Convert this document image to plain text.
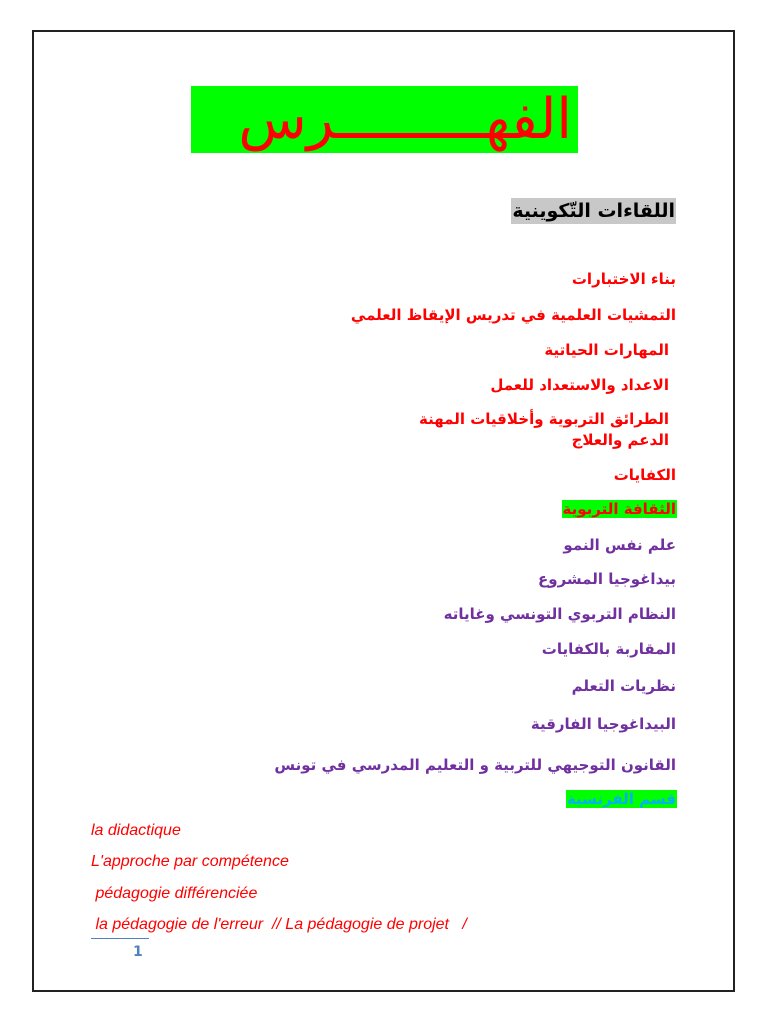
الفهـــــــــرس
اللقاءات التّكوينية
بناء الاختبارات
التمشيات العلمية في تدريس الإيقاظ العلمي
المهارات الحياتية
الاعداد والاستعداد للعمل
الطرائق التربوية وأخلاقيات المهنة
الدعم والعلاج
الكفايات
الثقافة التربوية
علم نفس النمو
بيداغوجيا المشروع
النظام التربوي التونسي وغاياته
المقاربة بالكفايات
نظريات التعلم
البيداغوجيا الفارقية
القانون التوجيهي للتربية و التعليم المدرسي في تونس
قسم الفرنسية
la didactique
L'approche par compétence
pédagogie différenciée
la pédagogie de l'erreur  // La pédagogie de projet   /
1
